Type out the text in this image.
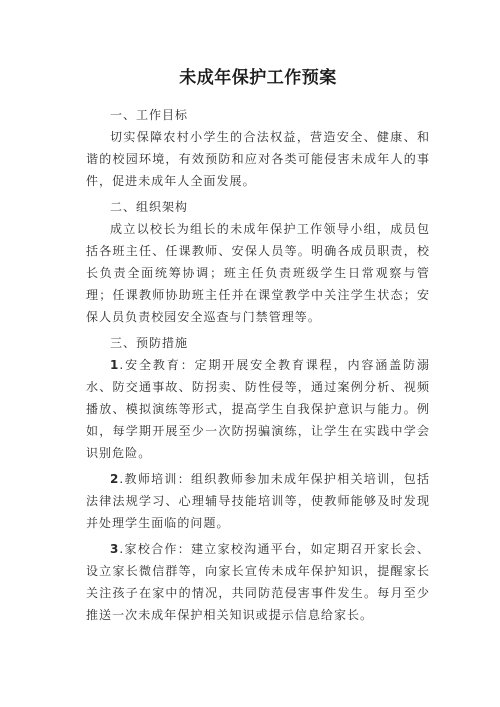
未成年保护工作预案

一、工作目标

切实保障农村小学生的合法权益，营造安全、健康、和谐的校园环境，有效预防和应对各类可能侵害未成年人的事件，促进未成年人全面发展。

二、组织架构

成立以校长为组长的未成年保护工作领导小组，成员包括各班主任、任课教师、安保人员等。明确各成员职责，校长负责全面统筹协调；班主任负责班级学生日常观察与管理；任课教师协助班主任并在课堂教学中关注学生状态；安保人员负责校园安全巡查与门禁管理等。

三、预防措施

1.安全教育：定期开展安全教育课程，内容涵盖防溺水、防交通事故、防拐卖、防性侵等，通过案例分析、视频播放、模拟演练等形式，提高学生自我保护意识与能力。例如，每学期开展至少一次防拐骗演练，让学生在实践中学会识别危险。

2.教师培训：组织教师参加未成年保护相关培训，包括法律法规学习、心理辅导技能培训等，使教师能够及时发现并处理学生面临的问题。

3.家校合作：建立家校沟通平台，如定期召开家长会、设立家长微信群等，向家长宣传未成年保护知识，提醒家长关注孩子在家中的情况，共同防范侵害事件发生。每月至少推送一次未成年保护相关知识或提示信息给家长。
